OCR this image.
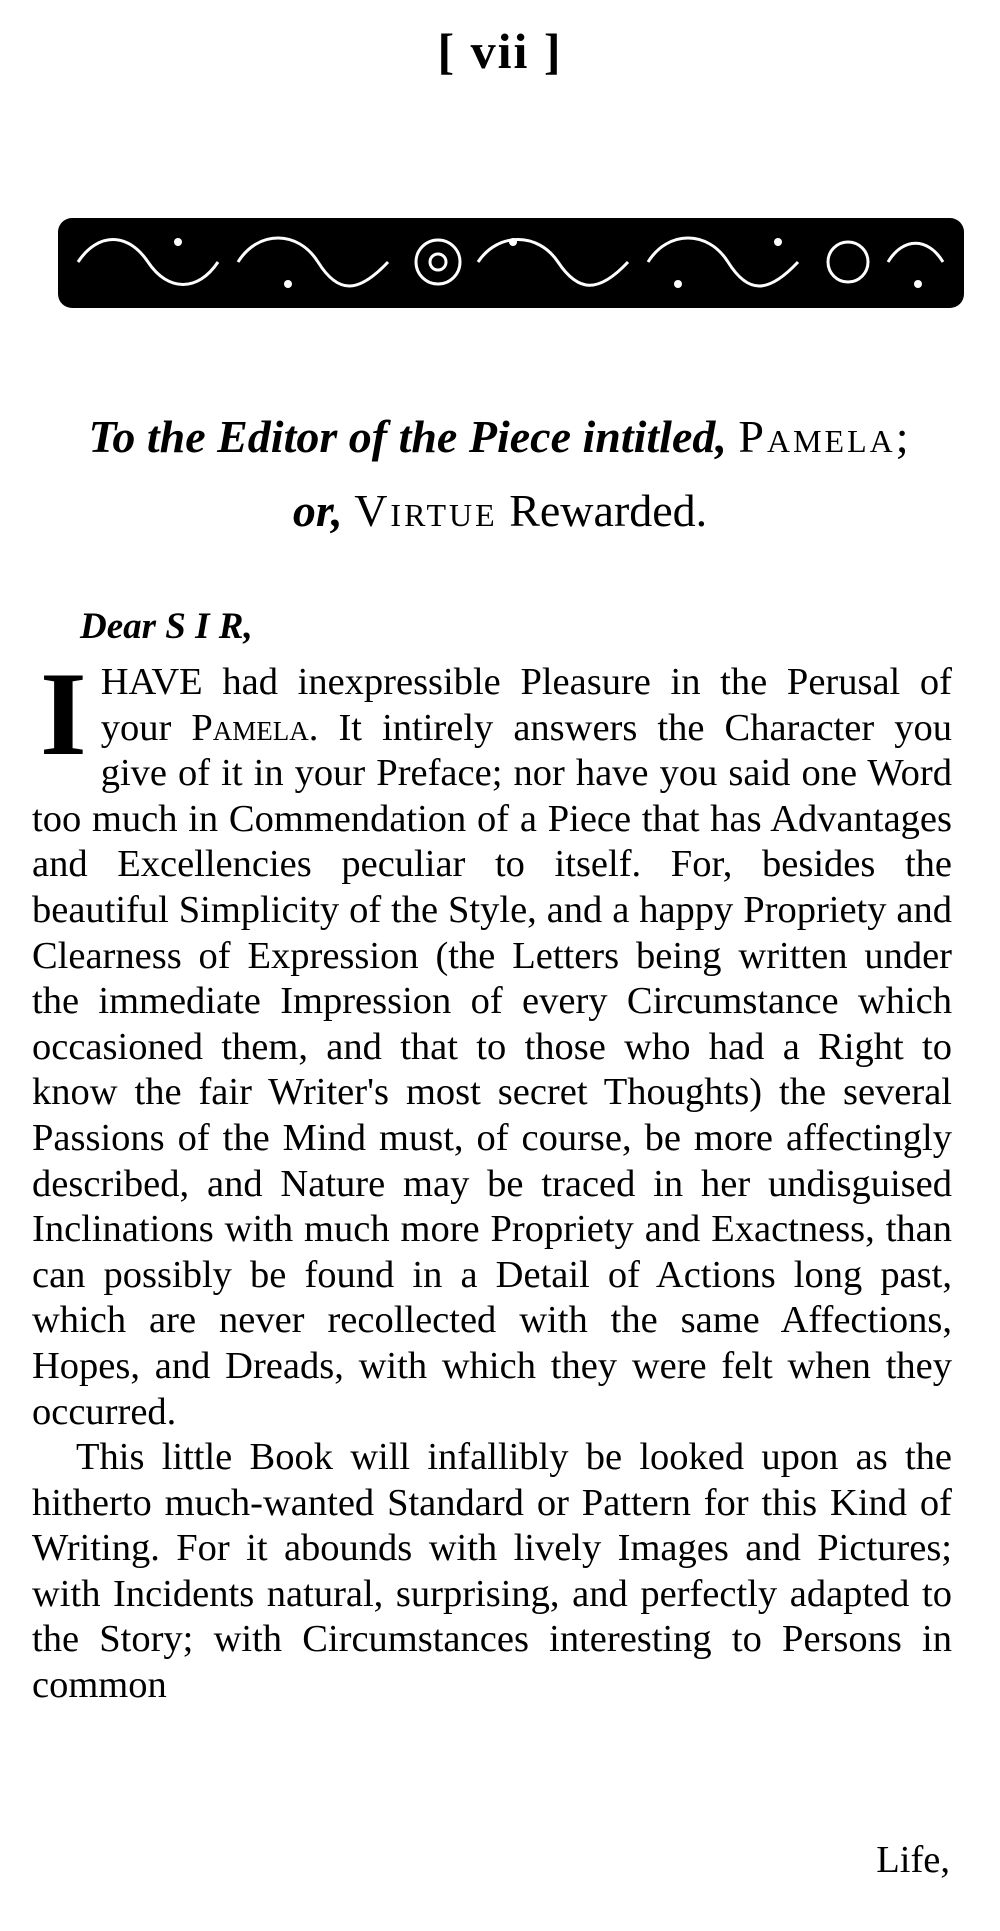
[ vii ]
To the Editor of the Piece intitled, Pamela;
or, Virtue Rewarded.
Dear S I R,

I HAVE had inexpressible Pleasure in the Perusal of your Pamela. It intirely answers the Character you give of it in your Preface; nor have you said one Word too much in Commendation of a Piece that has Advantages and Excellencies peculiar to itself. For, besides the beautiful Simplicity of the Style, and a happy Propriety and Clearness of Expression (the Letters being written under the immediate Impression of every Circumstance which occasioned them, and that to those who had a Right to know the fair Writer's most secret Thoughts) the several Passions of the Mind must, of course, be more affectingly described, and Nature may be traced in her undisguised Inclinations with much more Propriety and Exactness, than can possibly be found in a Detail of Actions long past, which are never recollected with the same Affections, Hopes, and Dreads, with which they were felt when they occurred.

This little Book will infallibly be looked upon as the hitherto much-wanted Standard or Pattern for this Kind of Writing. For it abounds with lively Images and Pictures; with Incidents natural, surprising, and perfectly adapted to the Story; with Circumstances interesting to Persons in common

Life,
